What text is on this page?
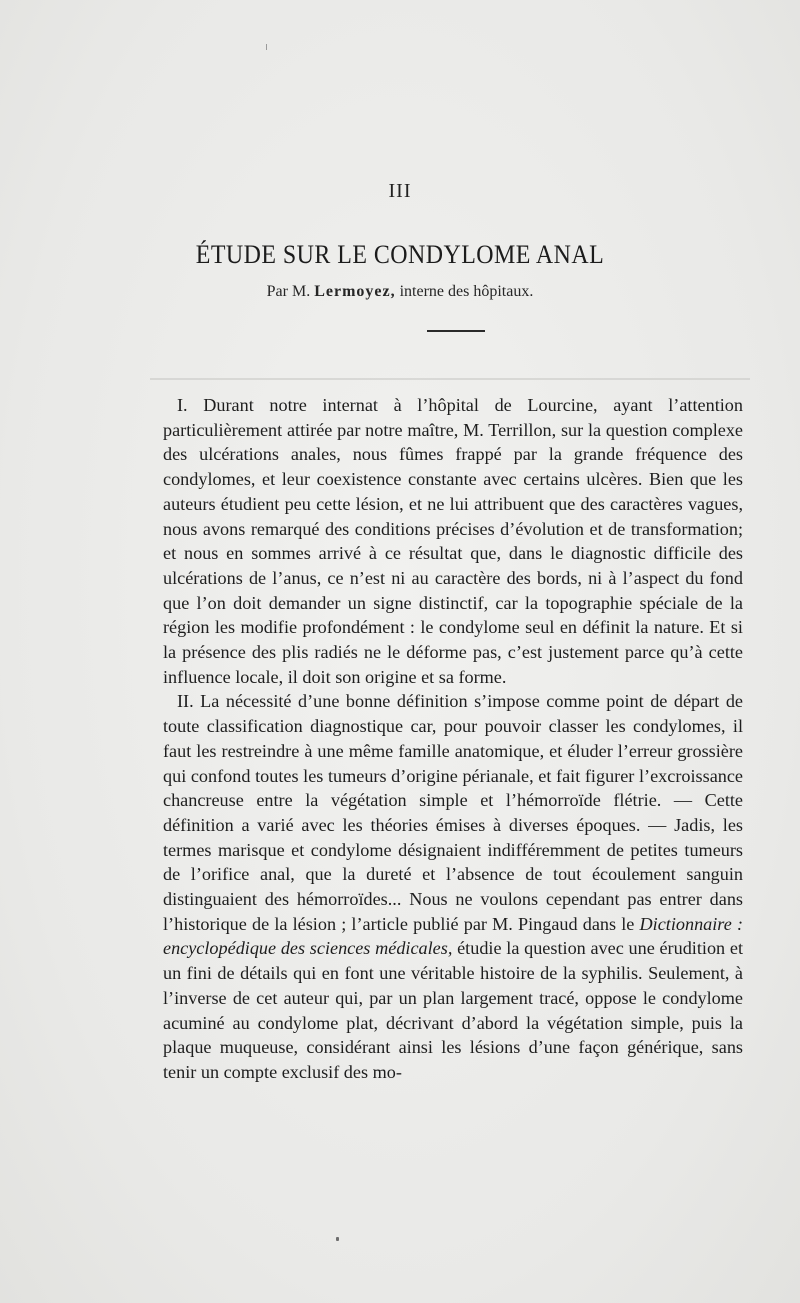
III
ÉTUDE SUR LE CONDYLOME ANAL
Par M. Lermoyez, interne des hôpitaux.

I. Durant notre internat à l’hôpital de Lourcine, ayant l’attention particulièrement attirée par notre maître, M. Terrillon, sur la question complexe des ulcérations anales, nous fûmes frappé par la grande fréquence des condylomes, et leur coexistence constante avec certains ulcères. Bien que les auteurs étudient peu cette lésion, et ne lui attribuent que des caractères vagues, nous avons remarqué des conditions précises d’évolution et de transformation; et nous en sommes arrivé à ce résultat que, dans le diagnostic difficile des ulcérations de l’anus, ce n’est ni au caractère des bords, ni à l’aspect du fond que l’on doit demander un signe distinctif, car la topographie spéciale de la région les modifie profondément : le condylome seul en définit la nature. Et si la présence des plis radiés ne le déforme pas, c’est justement parce qu’à cette influence locale, il doit son origine et sa forme.

II. La nécessité d’une bonne définition s’impose comme point de départ de toute classification diagnostique car, pour pouvoir classer les condylomes, il faut les restreindre à une même famille anatomique, et éluder l’erreur grossière qui confond toutes les tumeurs d’origine périanale, et fait figurer l’excroissance chancreuse entre la végétation simple et l’hémorroïde flétrie. — Cette définition a varié avec les théories émises à diverses époques. — Jadis, les termes marisque et condylome désignaient indifféremment de petites tumeurs de l’orifice anal, que la dureté et l’absence de tout écoulement sanguin distinguaient des hémorroïdes... Nous ne voulons cependant pas entrer dans l’historique de la lésion ; l’article publié par M. Pingaud dans le Dictionnaire : encyclopédique des sciences médicales, étudie la question avec une érudition et un fini de détails qui en font une véritable histoire de la syphilis. Seulement, à l’inverse de cet auteur qui, par un plan largement tracé, oppose le condylome acuminé au condylome plat, décrivant d’abord la végétation simple, puis la plaque muqueuse, considérant ainsi les lésions d’une façon générique, sans tenir un compte exclusif des mo-
